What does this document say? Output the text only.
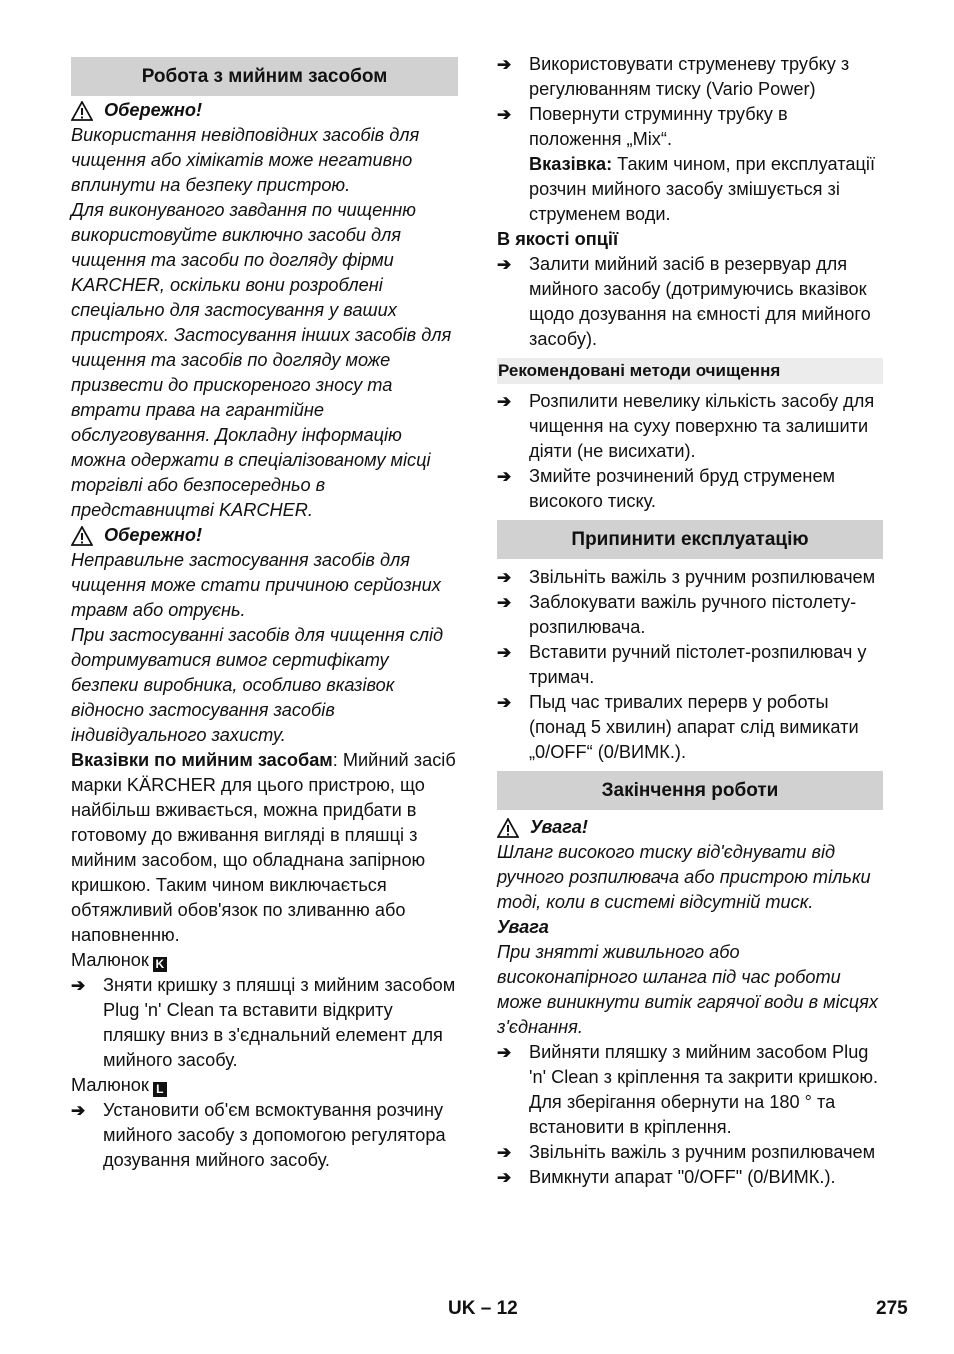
Робота з мийним засобом
Обережно!

Використання невідповідних засобів для чищення або хімікатів може негативно вплинути на безпеку пристрою.

Для виконуваного завдання по чищенню використовуйте виключно засоби для чищення та засоби по догляду фірми KARCHER, оскільки вони розроблені спеціально для застосування у ваших пристроях. Застосування інших засобів для чищення та засобів по догляду може призвести до прискореного зносу та втрати права на гарантійне обслуговування. Докладну інформацію можна одержати в спеціалізованому місці торгівлі або безпосередньо в представництві KARCHER.

Обережно!

Неправильне застосування засобів для чищення може стати причиною серйозних травм або отруєнь.

При застосуванні засобів для чищення слід дотримуватися вимог сертифікату безпеки виробника, особливо вказівок відносно застосування засобів індивідуального захисту.

Вказівки по мийним засобам: Мийний засіб марки KÄRCHER для цього пристрою, що найбільш вживається, можна придбати в готовому до вживання вигляді в пляшці з мийним засобом, що обладнана запірною кришкою. Таким чином виключається обтяжливий обов'язок по зливанню або наповненню.

Малюнок K

➔ Зняти кришку з пляшці з мийним засобом Plug 'n' Clean та вставити відкриту пляшку вниз в з'єднальний елемент для мийного засобу.

Малюнок L

➔ Установити об'єм всмоктування розчину мийного засобу з допомогою регулятора дозування мийного засобу.
➔ Використовувати струменеву трубку з регулюванням тиску (Vario Power)
➔ Повернути струминну трубку в положення „Mix“.

Вказівка: Таким чином, при експлуатації розчин мийного засобу змішується зі струменем води.

В якості опції

➔ Залити мийний засіб в резервуар для мийного засобу (дотримуючись вказівок щодо дозування на ємності для мийного засобу).
Рекомендовані методи очищення
➔ Розпилити невелику кількість засобу для чищення на суху поверхню та залишити діяти (не висихати).
➔ Змийте розчинений бруд струменем високого тиску.
Припинити експлуатацію
➔ Звільніть важіль з ручним розпилювачем
➔ Заблокувати важіль ручного пістолету-розпилювача.
➔ Вставити ручний пістолет-розпилювач у тримач.
➔ Пыд час тривалих перерв у роботы (понад 5 хвилин) апарат слід вимикати „0/OFF“ (0/ВИМК.).
Закінчення роботи
Увага!

Шланг високого тиску від'єднувати від ручного розпилювача або пристрою тільки тоді, коли в системі відсутній тиск.

Увага

При знятті живильного або високонапірного шланга під час роботи може виникнути витік гарячої води в місцях з'єднання.

➔ Вийняти пляшку з мийним засобом Plug 'n' Clean з кріплення та закрити кришкою. Для зберігання обернути на 180 ° та встановити в кріплення.
➔ Звільніть важіль з ручним розпилювачем
➔ Вимкнути апарат "0/OFF" (0/ВИМК.).
UK – 12	275
